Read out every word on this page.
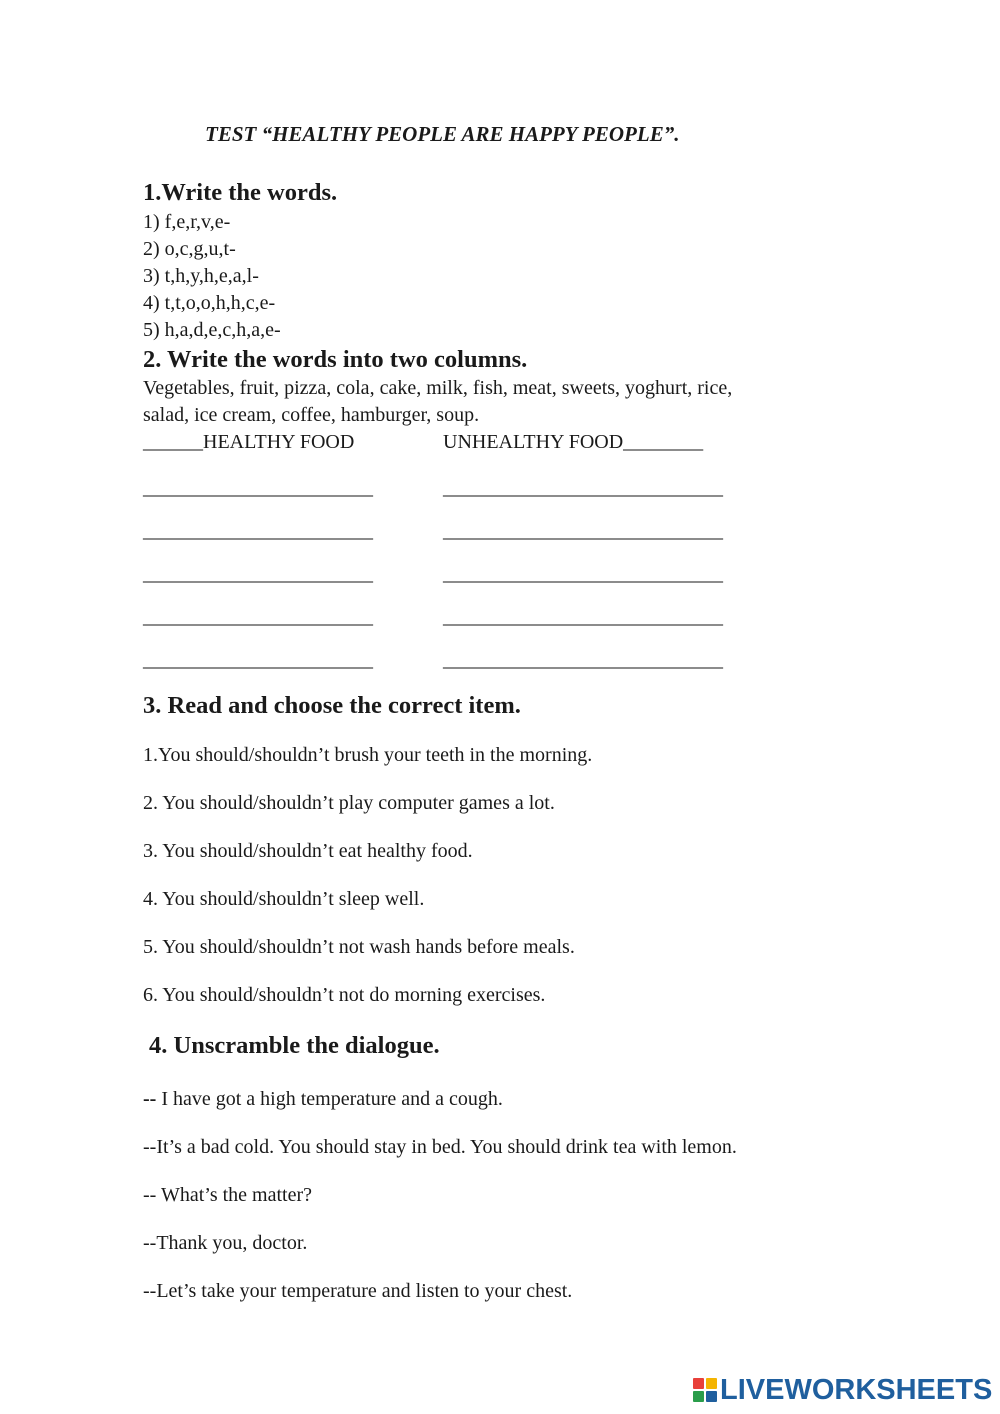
TEST “HEALTHY PEOPLE ARE HAPPY PEOPLE”.
1.Write the words.
1) f,e,r,v,e-
2) o,c,g,u,t-
3) t,h,y,h,e,a,l-
4) t,t,o,o,h,h,c,e-
5) h,a,d,e,c,h,a,e-
2. Write the words into two columns.
Vegetables, fruit, pizza, cola, cake, milk, fish, meat, sweets, yoghurt, rice,
salad, ice cream, coffee, hamburger, soup.
______HEALTHY FOOD	UNHEALTHY FOOD________
_______________________	____________________________
_______________________	____________________________
_______________________	____________________________
_______________________	____________________________
_______________________	____________________________
3. Read and choose the correct item.
1.You should/shouldn’t brush your teeth in the morning.
2. You should/shouldn’t play computer games a lot.
3. You should/shouldn’t eat healthy food.
4. You should/shouldn’t sleep well.
5. You should/shouldn’t not wash hands before meals.
6. You should/shouldn’t not do morning exercises.
4. Unscramble the dialogue.
-- I have got a high temperature and a cough.
--It’s a bad cold. You should stay in bed. You should drink tea with lemon.
-- What’s the matter?
--Thank you, doctor.
--Let’s take your temperature and listen to your chest.
LIVEWORKSHEETS
